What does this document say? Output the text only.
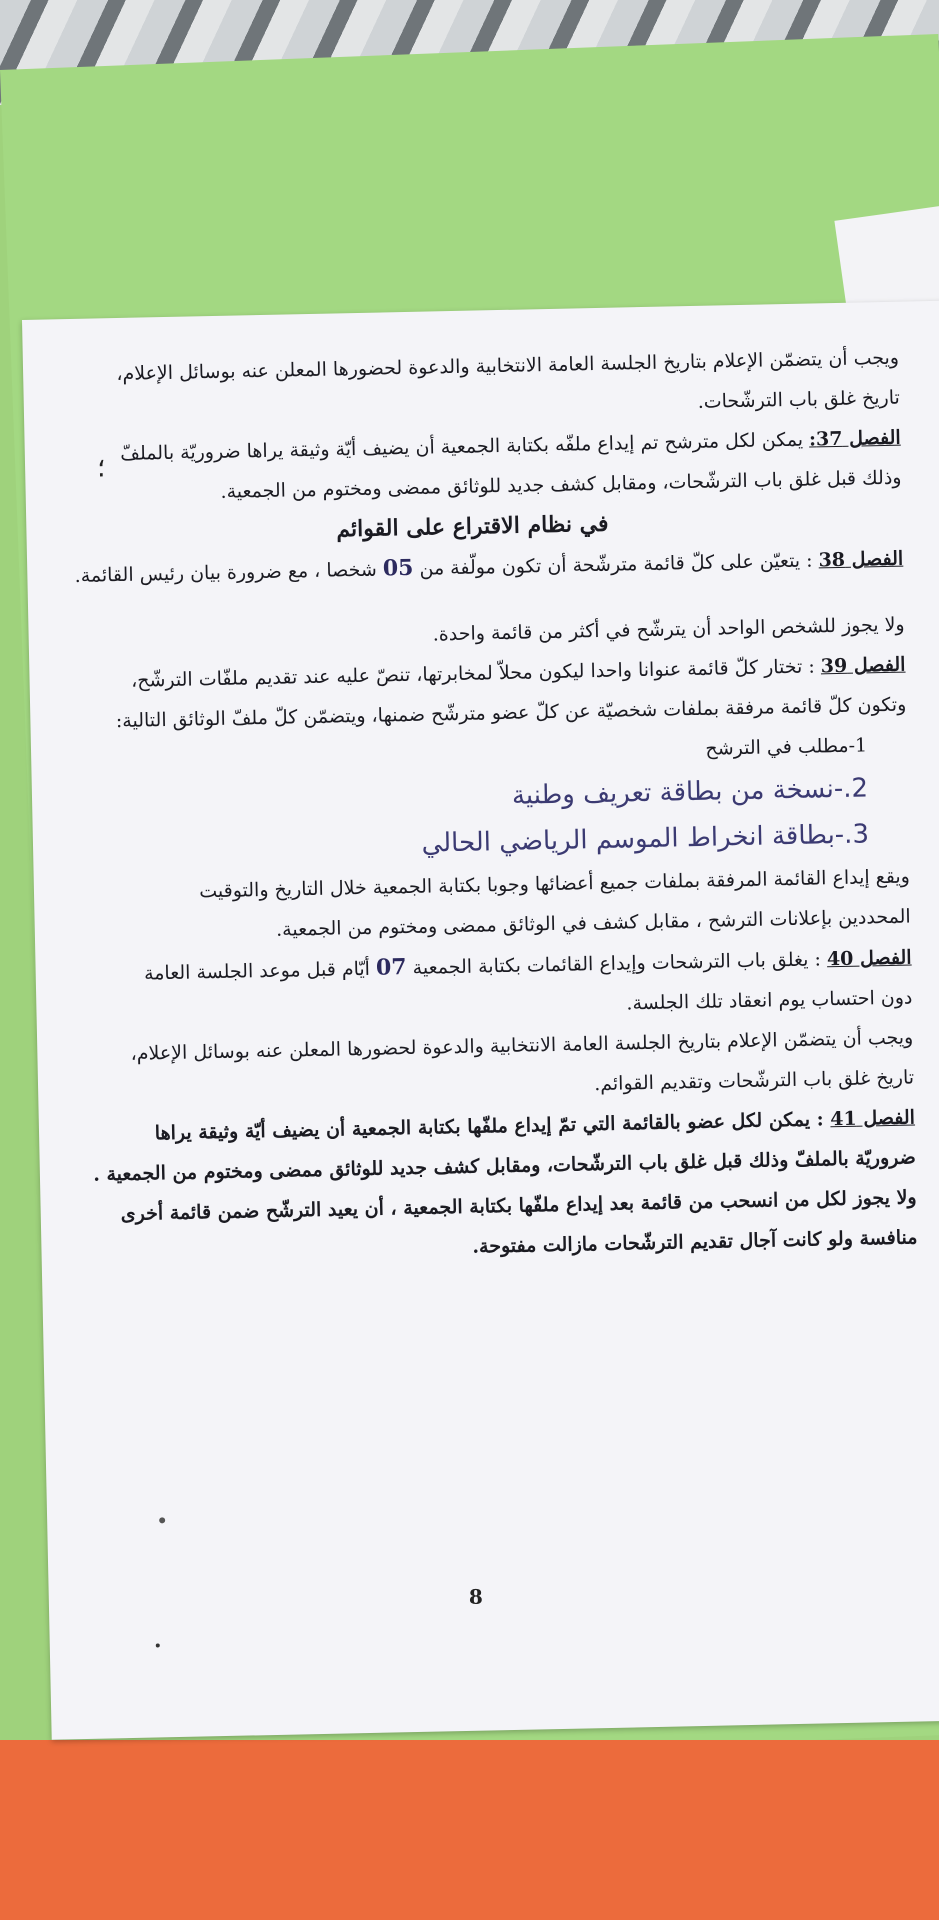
؛

ويجب أن يتضمّن الإعلام بتاريخ الجلسة العامة الانتخابية والدعوة لحضورها المعلن عنه بوسائل الإعلام،

تاريخ غلق باب الترشّحات.

الفصل 37: يمكن لكل مترشح تم إيداع ملفّه بكتابة الجمعية أن يضيف أيّة وثيقة يراها ضروريّة بالملفّ

وذلك قبل غلق باب الترشّحات، ومقابل كشف جديد للوثائق ممضى ومختوم من الجمعية.

في نظام الاقتراع على القوائم

الفصل 38 : يتعيّن على كلّ قائمة مترشّحة أن تكون مولّفة من 05 شخصا ، مع ضرورة بيان رئيس القائمة.

ولا يجوز للشخص الواحد أن يترشّح في أكثر من قائمة واحدة.

الفصل 39 : تختار كلّ قائمة عنوانا واحدا ليكون محلاّ لمخابرتها، تنصّ عليه عند تقديم ملفّات الترشّح،

وتكون كلّ قائمة مرفقة بملفات شخصيّة عن كلّ عضو مترشّح ضمنها، ويتضمّن كلّ ملفّ الوثائق التالية:

1-مطلب في الترشح

2.-نسخة من بطاقة تعريف وطنية

3.-بطاقة انخراط الموسم الرياضي الحالي

ويقع إيداع القائمة المرفقة بملفات جميع أعضائها وجوبا بكتابة الجمعية خلال التاريخ والتوقيت

المحددين بإعلانات الترشح ، مقابل كشف في الوثائق ممضى ومختوم من الجمعية.

الفصل 40 : يغلق باب الترشحات وإيداع القائمات بكتابة الجمعية 07 أيّام قبل موعد الجلسة العامة

دون احتساب يوم انعقاد تلك الجلسة.

ويجب أن يتضمّن الإعلام بتاريخ الجلسة العامة الانتخابية والدعوة لحضورها المعلن عنه بوسائل الإعلام،

تاريخ غلق باب الترشّحات وتقديم القوائم.

الفصل 41 : يمكن لكل عضو بالقائمة التي تمّ إيداع ملفّها بكتابة الجمعية أن يضيف أيّة وثيقة يراها

ضروريّة بالملفّ وذلك قبل غلق باب الترشّحات، ومقابل كشف جديد للوثائق ممضى ومختوم من الجمعية .

ولا يجوز لكل من انسحب من قائمة بعد إيداع ملفّها بكتابة الجمعية ، أن يعيد الترشّح ضمن قائمة أخرى

منافسة ولو كانت آجال تقديم الترشّحات مازالت مفتوحة.

8
